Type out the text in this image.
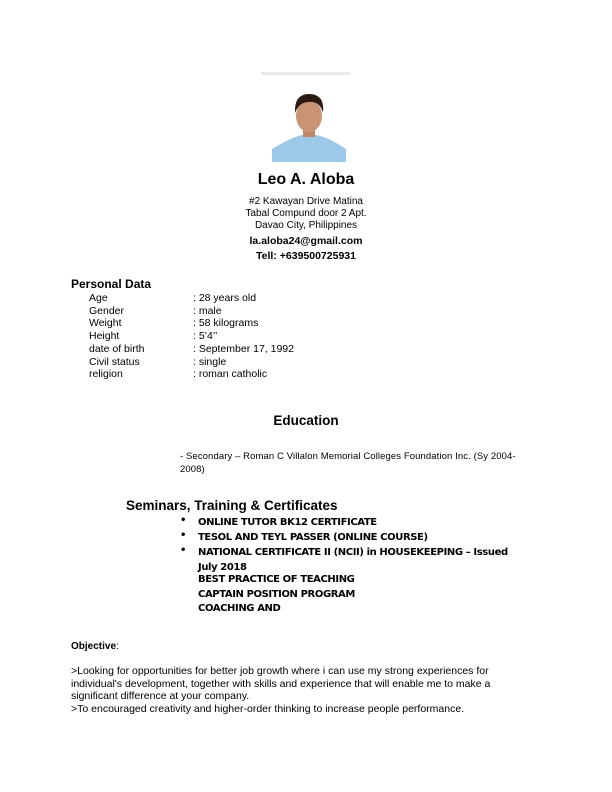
Leo A. Aloba
#2 Kawayan Drive Matina
Tabal Compund door 2 Apt.
Davao City, Philippines
la.aloba24@gmail.com
Tell: +639500725931
Personal Data
Age	: 28 years old
Gender	: male
Weight	: 58 kilograms
Height	: 5’4’’
date of birth	: September 17, 1992
Civil status	: single
religion	: roman catholic
Education
- Secondary – Roman C Villalon Memorial Colleges Foundation Inc. (Sy 2004-2008)
Seminars, Training & Certificates
• ONLINE TUTOR BK12 CERTIFICATE
• TESOL AND TEYL PASSER (ONLINE COURSE)
• NATIONAL CERTIFICATE II (NCII) in HOUSEKEEPING – Issued July 2018
BEST PRACTICE OF TEACHING
CAPTAIN POSITION PROGRAM
COACHING AND
Objective:
>Looking for opportunities for better job growth where i can use my strong experiences for individual's development, together with skills and experience that will enable me to make a significant difference at your company.
>To encouraged creativity and higher-order thinking to increase people performance.
